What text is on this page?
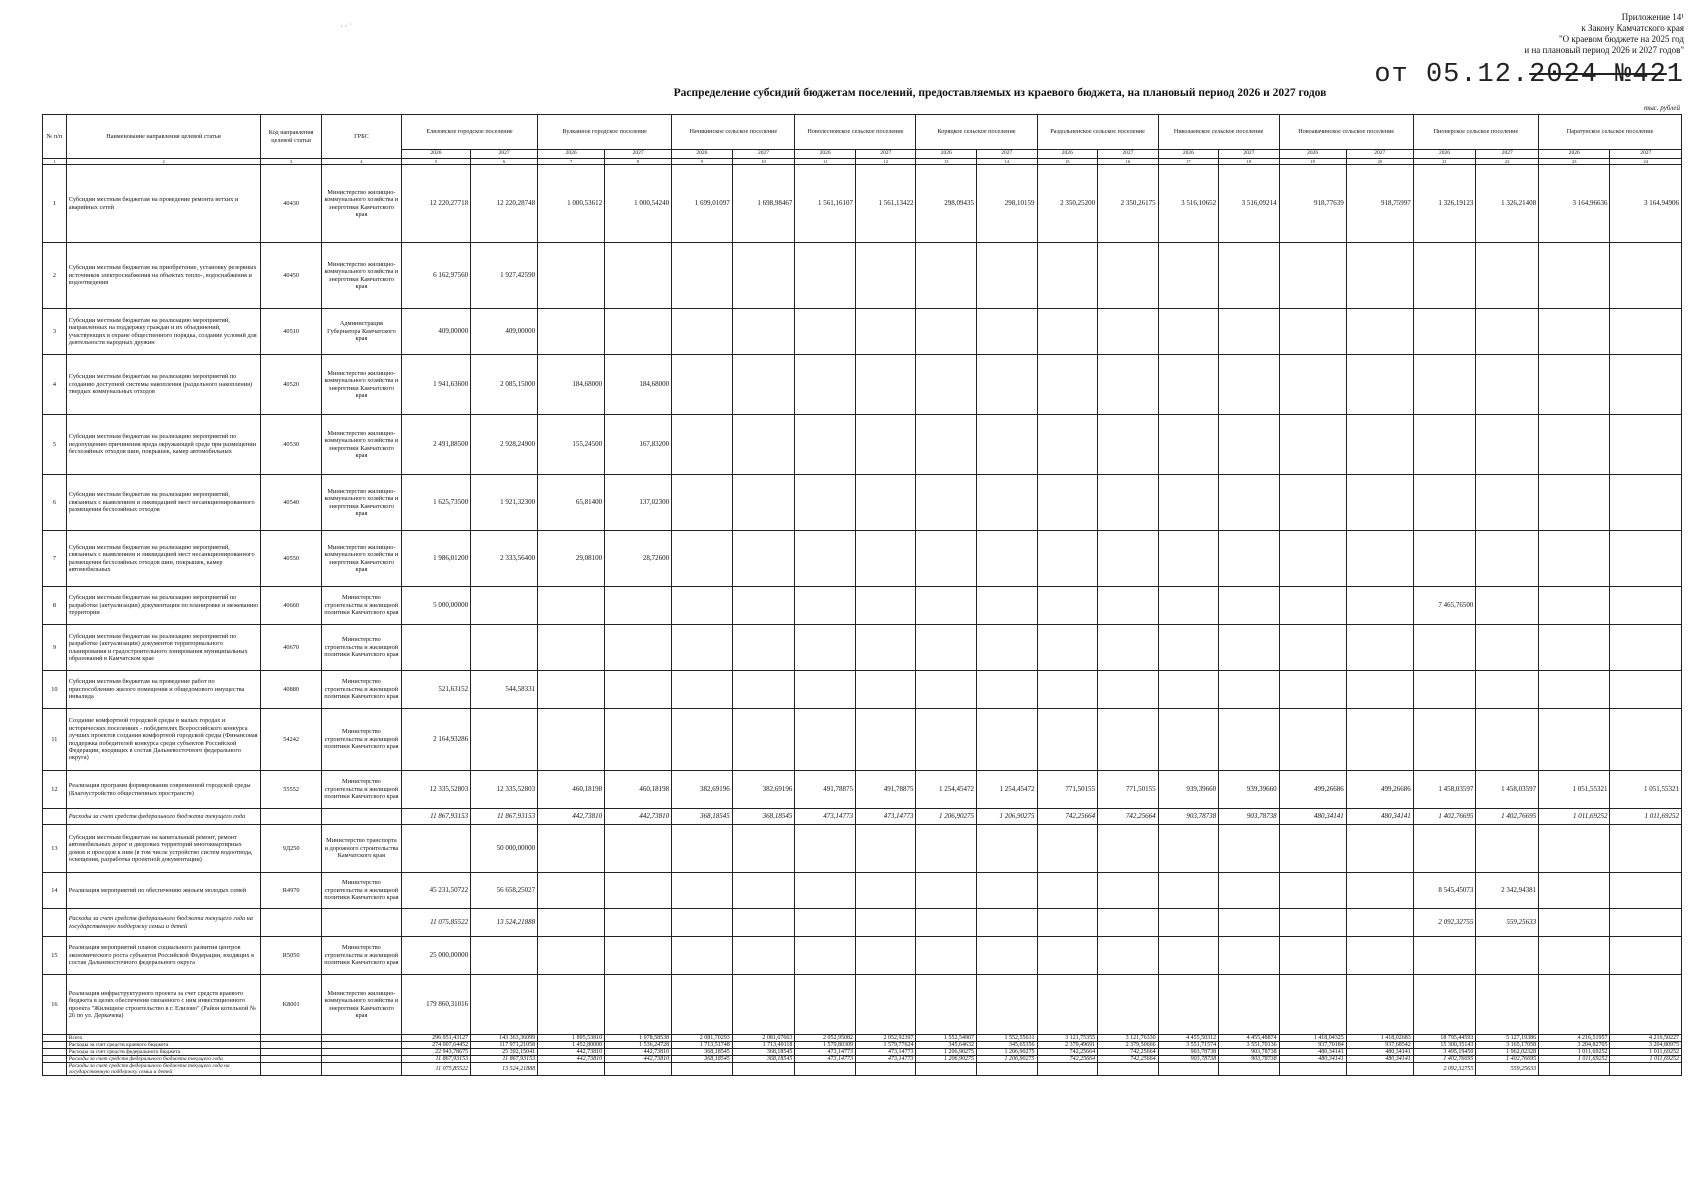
· · ˙
Приложение 14¹
к Закону Камчатского края
"О краевом бюджете на 2025 год
и на плановый период 2026 и 2027 годов"
от 05.12.2024 №421
Распределение субсидий бюджетам поселений, предоставляемых из краевого бюджета, на плановый период 2026 и 2027 годов
тыс. рублей
№ п/п	Наименование направления целевой статьи	Код направления целевой статьи	ГРБС	Елизовское городское поселение		Вулканное городское поселение		Начикинское сельское поселение		Новолесновское сельское поселение		Коряцкое сельское поселение		Раздольненское сельское поселение		Николаевское сельское поселение		Новоавачинское сельское поселение		Пионерское сельское поселение		Паратунское сельское поселение	
				2026	2027	2026	2027	2026	2027	2026	2027	2026	2027	2026	2027	2026	2027	2026	2027	2026	2027	2026	2027
1	2	3	4	5	6	7	8	9	10	11	12	13	14	15	16	17	18	19	20	21	22	23	24
1	Субсидии местным бюджетам на проведение ремонта ветхих и аварийных сетей	40430	Министерство жилищно-коммунального хозяйства и энергетики Камчатского края	12 220,27718	12 220,28748	1 000,53612	1 000,54240	1 699,01097	1 698,98467	1 561,16107	1 561,13422	298,09435	298,10159	2 350,25200	2 350,26175	3 516,10652	3 516,09214	918,77639	918,75997	1 326,19123	1 326,21408	3 164,96636	3 164,94906
2	Субсидии местным бюджетам на приобретение, установку резервных источников электроснабжения на объектах тепло-, водоснабжения и водоотведения	40450	Министерство жилищно-коммунального хозяйства и энергетики Камчатского края	6 162,97560	1 927,42590																		
3	Субсидии местным бюджетам на реализацию мероприятий, направленных на поддержку граждан и их объединений, участвующих в охране общественного порядка, создание условий для деятельности народных дружин	40510	Администрация Губернатора Камчатского края	409,00000	409,00000																		
4	Субсидии местным бюджетам на реализацию мероприятий по созданию доступной системы накопления (раздельного накопления) твердых коммунальных отходов	40520	Министерство жилищно-коммунального хозяйства и энергетики Камчатского края	1 941,63600	2 085,15000	184,68000	184,68000																
5	Субсидии местным бюджетам на реализацию мероприятий по недопущению причинения вреда окружающей среде при размещении бесхозяйных отходов шин, покрышек, камер автомобильных	40530	Министерство жилищно-коммунального хозяйства и энергетики Камчатского края	2 491,88500	2 928,24900	155,24500	167,83200																
6	Субсидии местным бюджетам на реализацию мероприятий, связанных с выявлением и ликвидацией мест несанкционированного размещения бесхозяйных отходов	40540	Министерство жилищно-коммунального хозяйства и энергетики Камчатского края	1 625,73500	1 921,32300	65,81400	137,02300																
7	Субсидии местным бюджетам на реализацию мероприятий, связанных с выявлением и ликвидацией мест несанкционированного размещения бесхозяйных отходов шин, покрышек, камер автомобильных	40550	Министерство жилищно-коммунального хозяйства и энергетики Камчатского края	1 986,01200	2 333,56400	29,08100	28,72600																
8	Субсидии местным бюджетам на реализацию мероприятий по разработке (актуализации) документации по планировке и межеванию территории	40660	Министерство строительства и жилищной политики Камчатского края	5 000,00000																7 465,76500			
9	Субсидии местным бюджетам на реализацию мероприятий по разработке (актуализации) документов территориального планирования и градостроительного зонирования муниципальных образований в Камчатском крае	40670	Министерство строительства и жилищной политики Камчатского края																				
10	Субсидии местным бюджетам на проведение работ по приспособлению жилого помещения и общедомового имущества инвалида	40880	Министерство строительства и жилищной политики Камчатского края	521,63152	544,58331																		
11	Создание комфортной городской среды в малых городах и исторических поселениях - победителях Всероссийского конкурса лучших проектов создания комфортной городской среды (Финансовая поддержка победителей конкурса среди субъектов Российской Федерации, входящих в состав Дальневосточного федерального округа)	54242	Министерство строительства и жилищной политики Камчатского края	2 164,93286																			
12	Реализация программ формирования современной городской среды (Благоустройство общественных пространств)	55552	Министерство строительства и жилищной политики Камчатского края	12 335,52803	12 335,52803	460,18198	460,18198	382,69196	382,69196	491,78875	491,78875	1 254,45472	1 254,45472	771,50155	771,50155	939,39660	939,39660	499,26686	499,26686	1 458,03597	1 458,03597	1 051,55321	1 051,55321
	Расходы за счет средств федерального бюджета текущего года			11 867,93153	11 867,93153	442,73810	442,73810	368,18545	368,18545	473,14773	473,14773	1 206,90275	1 206,90275	742,25664	742,25664	903,78738	903,78738	480,34141	480,34141	1 402,76695	1 402,76695	1 011,69252	1 011,69252
13	Субсидии местным бюджетам на капитальный ремонт, ремонт автомобильных дорог и дворовых территорий многоквартирных домов и проездов к ним (в том числе устройство систем водоотвода, освещения, разработка проектной документации)	9Д250	Министерство транспорта и дорожного строительства Камчатского края		50 000,00000																		
14	Реализация мероприятий по обеспечению жильем молодых семей	R4970	Министерство строительства и жилищной политики Камчатского края	45 231,50722	56 658,25027															8 545,45073	2 342,94381		
	Расходы за счет средств федерального бюджета текущего года на государственную поддержку семьи и детей			11 075,85522	13 524,21888															2 092,32755	559,25633		
15	Реализация мероприятий планов социального развития центров экономического роста субъектов Российской Федерации, входящих в состав Дальневосточного федерального округа	R5050	Министерство строительства и жилищной политики Камчатского края	25 000,00000																			
16	Реализация инфраструктурного проекта за счет средств краевого бюджета в целях обеспечения связанного с ним инвестиционного проекта "Жилищное строительство в г. Елизово" (Район котельной № 26 по ул. Деркачева)	K8001	Министерство жилищно-коммунального хозяйства и энергетики Камчатского края	179 860,31016																			
	Всего			296 951,43127	143 363,36099	1 895,53810	1 978,58538	2 081,70293	2 081,67663	2 052,95082	2 052,92397	1 552,54907	1 552,55631	3 121,75355	3 121,76330	4 455,50312	4 455,48874	1 418,04325	1 418,02683	18 795,44593	5 127,19386	4 216,51957	4 216,50227
	Расходы за счет средств краевого бюджета			274 007,64452	117 971,21058	1 452,80000	1 536,24728	1 713,51748	1 713,49118	1 579,80309	1 579,77624	345,64632	345,65356	2 379,49691	2 379,50666	3 551,71574	3 551,70136	937,70184	937,68542	15 300,35143	3 165,17058	3 204,82705	3 204,80975
	Расходы за счет средств федерального бюджета			22 943,78675	25 392,15041	442,73810	442,73810	368,18545	368,18545	473,14773	473,14773	1 206,90275	1 206,90275	742,25664	742,25664	903,78738	903,78738	480,34141	480,34141	3 495,19450	1 962,02328	1 011,69252	1 011,69252
	Расходы за счет средств федерального бюджета текущего года			11 867,93153	11 867,93153	442,73810	442,73810	368,18545	368,18545	473,14773	473,14773	1 206,90275	1 206,90275	742,25664	742,25664	903,78738	903,78738	480,34141	480,34141	1 402,76695	1 402,76695	1 011,69252	1 011,69252
	Расходы за счет средств федерального бюджета текущего года на государственную поддержку семьи и детей			11 075,85522	13 524,21888															2 092,32755	559,25633		
